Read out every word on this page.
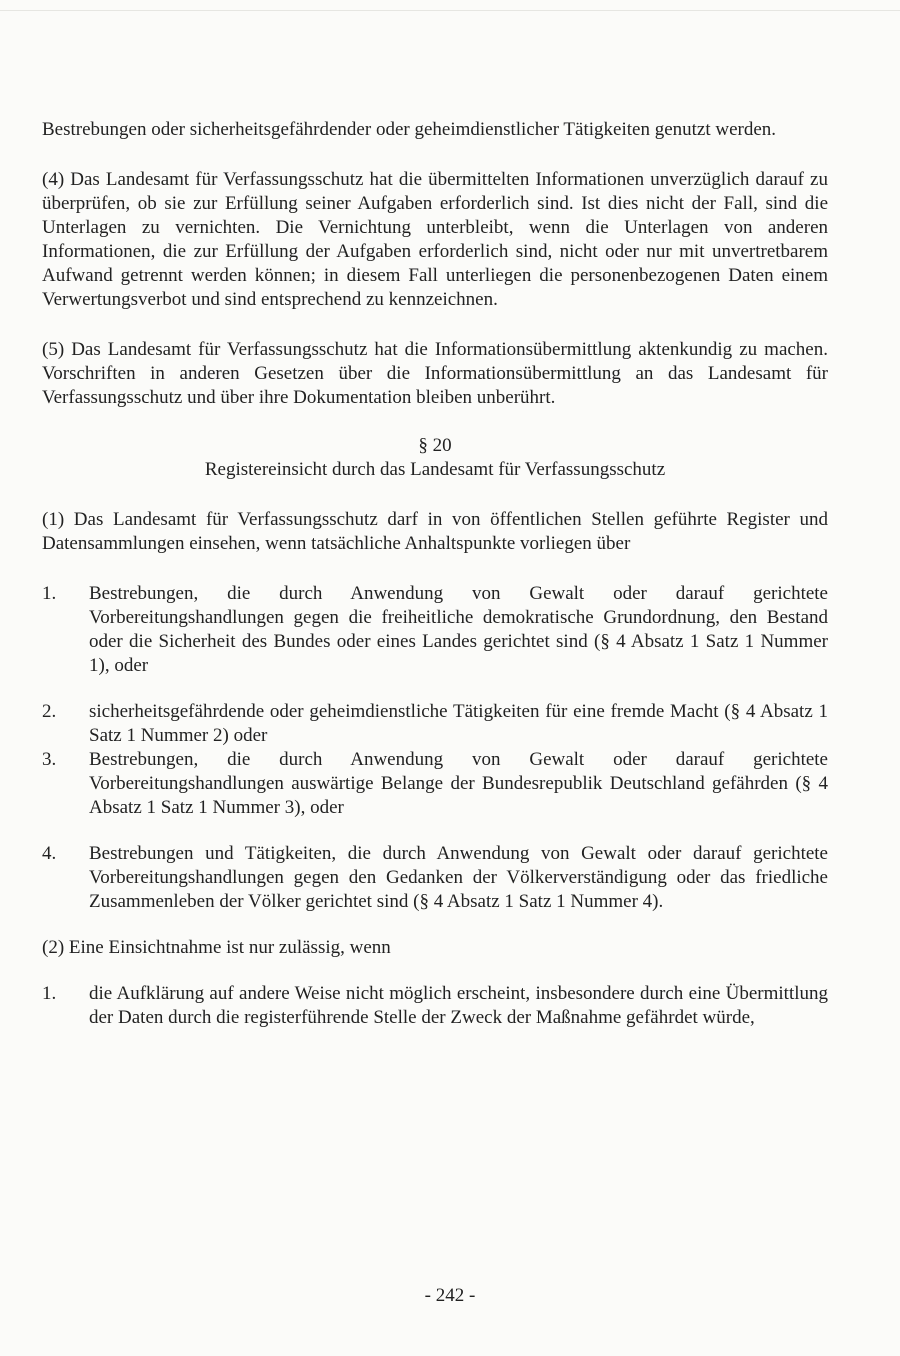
Bestrebungen oder sicherheitsgefährdender oder geheimdienstlicher Tätigkeiten genutzt werden.

(4) Das Landesamt für Verfassungsschutz hat die übermittelten Informationen unverzüglich darauf zu überprüfen, ob sie zur Erfüllung seiner Aufgaben erforderlich sind. Ist dies nicht der Fall, sind die Unterlagen zu vernichten. Die Vernichtung unterbleibt, wenn die Unterlagen von anderen Informationen, die zur Erfüllung der Aufgaben erforderlich sind, nicht oder nur mit unvertretbarem Aufwand getrennt werden können; in diesem Fall unterliegen die personenbezogenen Daten einem Verwertungsverbot und sind entsprechend zu kennzeichnen.

(5) Das Landesamt für Verfassungsschutz hat die Informationsübermittlung aktenkundig zu machen. Vorschriften in anderen Gesetzen über die Informationsübermittlung an das Landesamt für Verfassungsschutz und über ihre Dokumentation bleiben unberührt.

§ 20

Registereinsicht durch das Landesamt für Verfassungsschutz

(1) Das Landesamt für Verfassungsschutz darf in von öffentlichen Stellen geführte Register und Datensammlungen einsehen, wenn tatsächliche Anhaltspunkte vorliegen über

1.	Bestrebungen, die durch Anwendung von Gewalt oder darauf gerichtete Vorbereitungshandlungen gegen die freiheitliche demokratische Grundordnung, den Bestand oder die Sicherheit des Bundes oder eines Landes gerichtet sind (§ 4 Absatz 1 Satz 1 Nummer 1), oder
2.	sicherheitsgefährdende oder geheimdienstliche Tätigkeiten für eine fremde Macht (§ 4 Absatz 1 Satz 1 Nummer 2) oder
3.	Bestrebungen, die durch Anwendung von Gewalt oder darauf gerichtete Vorbereitungshandlungen auswärtige Belange der Bundesrepublik Deutschland gefährden (§ 4 Absatz 1 Satz 1 Nummer 3), oder
4.	Bestrebungen und Tätigkeiten, die durch Anwendung von Gewalt oder darauf gerichtete Vorbereitungshandlungen gegen den Gedanken der Völkerverständigung oder das friedliche Zusammenleben der Völker gerichtet sind (§ 4 Absatz 1 Satz 1 Nummer 4).

(2) Eine Einsichtnahme ist nur zulässig, wenn

1.	die Aufklärung auf andere Weise nicht möglich erscheint, insbesondere durch eine Übermittlung der Daten durch die registerführende Stelle der Zweck der Maßnahme gefährdet würde,
- 242 -
